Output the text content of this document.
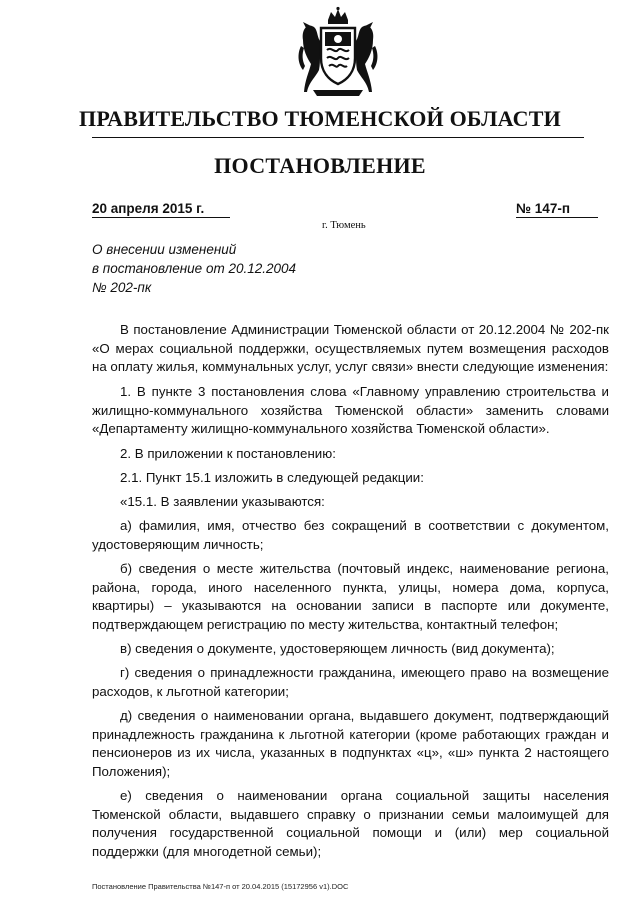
ПРАВИТЕЛЬСТВО ТЮМЕНСКОЙ ОБЛАСТИ
ПОСТАНОВЛЕНИЕ
20 апреля 2015 г.	№ 147-п
г. Тюмень
О внесении изменений
в постановление от 20.12.2004
№ 202-пк

В постановление Администрации Тюменской области от 20.12.2004 № 202-пк «О мерах социальной поддержки, осуществляемых путем возмещения расходов на оплату жилья, коммунальных услуг, услуг связи» внести следующие изменения:

1. В пункте 3 постановления слова «Главному управлению строительства и жилищно-коммунального хозяйства Тюменской области» заменить словами «Департаменту жилищно-коммунального хозяйства Тюменской области».

2. В приложении к постановлению:

2.1. Пункт 15.1 изложить в следующей редакции:

«15.1. В заявлении указываются:

а) фамилия, имя, отчество без сокращений в соответствии с документом, удостоверяющим личность;

б) сведения о месте жительства (почтовый индекс, наименование региона, района, города, иного населенного пункта, улицы, номера дома, корпуса, квартиры) – указываются на основании записи в паспорте или документе, подтверждающем регистрацию по месту жительства, контактный телефон;

в) сведения о документе, удостоверяющем личность (вид документа);

г) сведения о принадлежности гражданина, имеющего право на возмещение расходов, к льготной категории;

д) сведения о наименовании органа, выдавшего документ, подтверждающий принадлежность гражданина к льготной категории (кроме работающих граждан и пенсионеров из их числа, указанных в подпунктах «ц», «ш» пункта 2 настоящего Положения);

е) сведения о наименовании органа социальной защиты населения Тюменской области, выдавшего справку о признании семьи малоимущей для получения государственной социальной помощи и (или) мер социальной поддержки (для многодетной семьи);

Постановление Правительства №147-п от 20.04.2015 (15172956 v1).DOC
